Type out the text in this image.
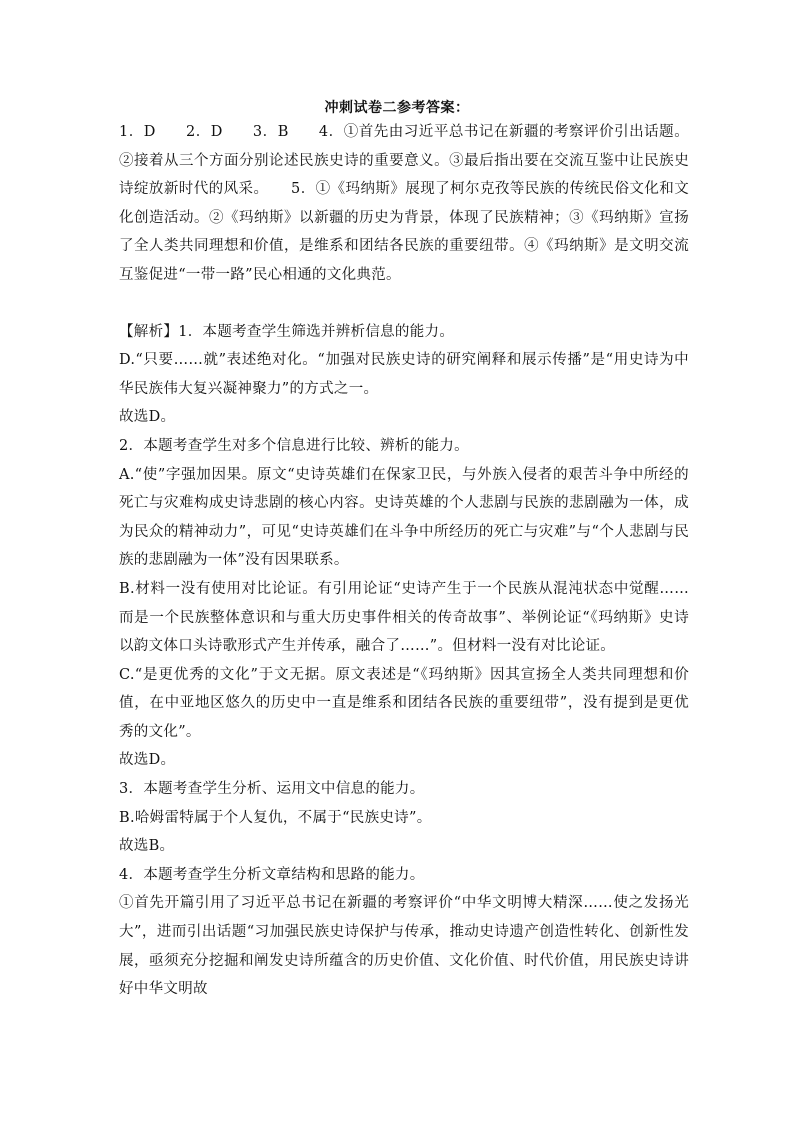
冲刺试卷二参考答案：

1．D　　2．D　　3．B　　4．①首先由习近平总书记在新疆的考察评价引出话题。②接着从三个方面分别论述民族史诗的重要意义。③最后指出要在交流互鉴中让民族史诗绽放新时代的风采。　　5．①《玛纳斯》展现了柯尔克孜等民族的传统民俗文化和文化创造活动。②《玛纳斯》以新疆的历史为背景，体现了民族精神；③《玛纳斯》宣扬了全人类共同理想和价值，是维系和团结各民族的重要纽带。④《玛纳斯》是文明交流互鉴促进“一带一路”民心相通的文化典范。

【解析】1．本题考查学生筛选并辨析信息的能力。

D.“只要……就”表述绝对化。“加强对民族史诗的研究阐释和展示传播”是“用史诗为中华民族伟大复兴凝神聚力”的方式之一。

故选D。

2．本题考查学生对多个信息进行比较、辨析的能力。

A.“使”字强加因果。原文“史诗英雄们在保家卫民，与外族入侵者的艰苦斗争中所经的死亡与灾难构成史诗悲剧的核心内容。史诗英雄的个人悲剧与民族的悲剧融为一体，成为民众的精神动力”，可见“史诗英雄们在斗争中所经历的死亡与灾难”与“个人悲剧与民族的悲剧融为一体”没有因果联系。

B.材料一没有使用对比论证。有引用论证“史诗产生于一个民族从混沌状态中觉醒……而是一个民族整体意识和与重大历史事件相关的传奇故事”、举例论证“《玛纳斯》史诗以韵文体口头诗歌形式产生并传承，融合了……”。但材料一没有对比论证。

C.“是更优秀的文化”于文无据。原文表述是“《玛纳斯》因其宣扬全人类共同理想和价值，在中亚地区悠久的历史中一直是维系和团结各民族的重要纽带”，没有提到是更优秀的文化”。

故选D。

3．本题考查学生分析、运用文中信息的能力。

B.哈姆雷特属于个人复仇，不属于“民族史诗”。

故选B。

4．本题考查学生分析文章结构和思路的能力。

①首先开篇引用了习近平总书记在新疆的考察评价“中华文明博大精深……使之发扬光大”，进而引出话题“习加强民族史诗保护与传承，推动史诗遗产创造性转化、创新性发展，亟须充分挖掘和阐发史诗所蕴含的历史价值、文化价值、时代价值，用民族史诗讲好中华文明故
